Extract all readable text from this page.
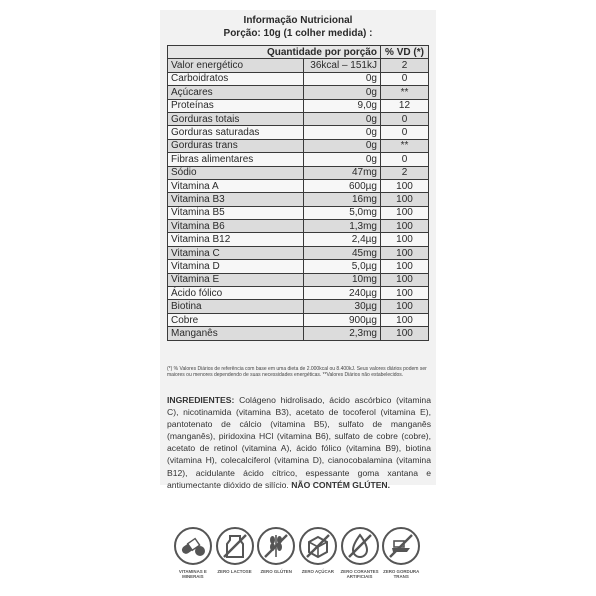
Informação Nutricional
Porção: 10g (1 colher medida) :
Quantidade por porção		% VD (*)
Valor energético	36kcal – 151kJ	2
Carboidratos	0g	0
Açúcares	0g	**
Proteínas	9,0g	12
Gorduras totais	0g	0
Gorduras saturadas	0g	0
Gorduras trans	0g	**
Fibras alimentares	0g	0
Sódio	47mg	2
Vitamina A	600µg	100
Vitamina B3	16mg	100
Vitamina B5	5,0mg	100
Vitamina B6	1,3mg	100
Vitamina B12	2,4µg	100
Vitamina C	45mg	100
Vitamina D	5,0µg	100
Vitamina E	10mg	100
Ácido fólico	240µg	100
Biotina	30µg	100
Cobre	900µg	100
Manganês	2,3mg	100
(*) % Valores Diários de referência com base em uma dieta de 2.000kcal ou 8.400kJ. Seus valores diários podem ser maiores ou menores dependendo de suas necessidades energéticas. **Valores Diários não estabelecidos.
INGREDIENTES: Colágeno hidrolisado, ácido ascórbico (vitamina C), nicotinamida (vitamina B3), acetato de tocoferol (vitamina E), pantotenato de cálcio (vitamina B5), sulfato de manganês (manganês), piridoxina HCl (vitamina B6), sulfato de cobre (cobre), acetato de retinol (vitamina A), ácido fólico (vitamina B9), biotina (vitamina H), colecalciferol (vitamina D), cianocobalamina (vitamina B12), acidulante ácido cítrico, espessante goma xantana e antiumectante dióxido de silício. NÃO CONTÉM GLÚTEN.
VITAMINAS E MINERAIS
ZERO LACTOSE	ZERO GLÚTEN	ZERO AÇÚCAR	ZERO CORANTES ARTIFICIAIS
ZERO GORDURA TRANS
